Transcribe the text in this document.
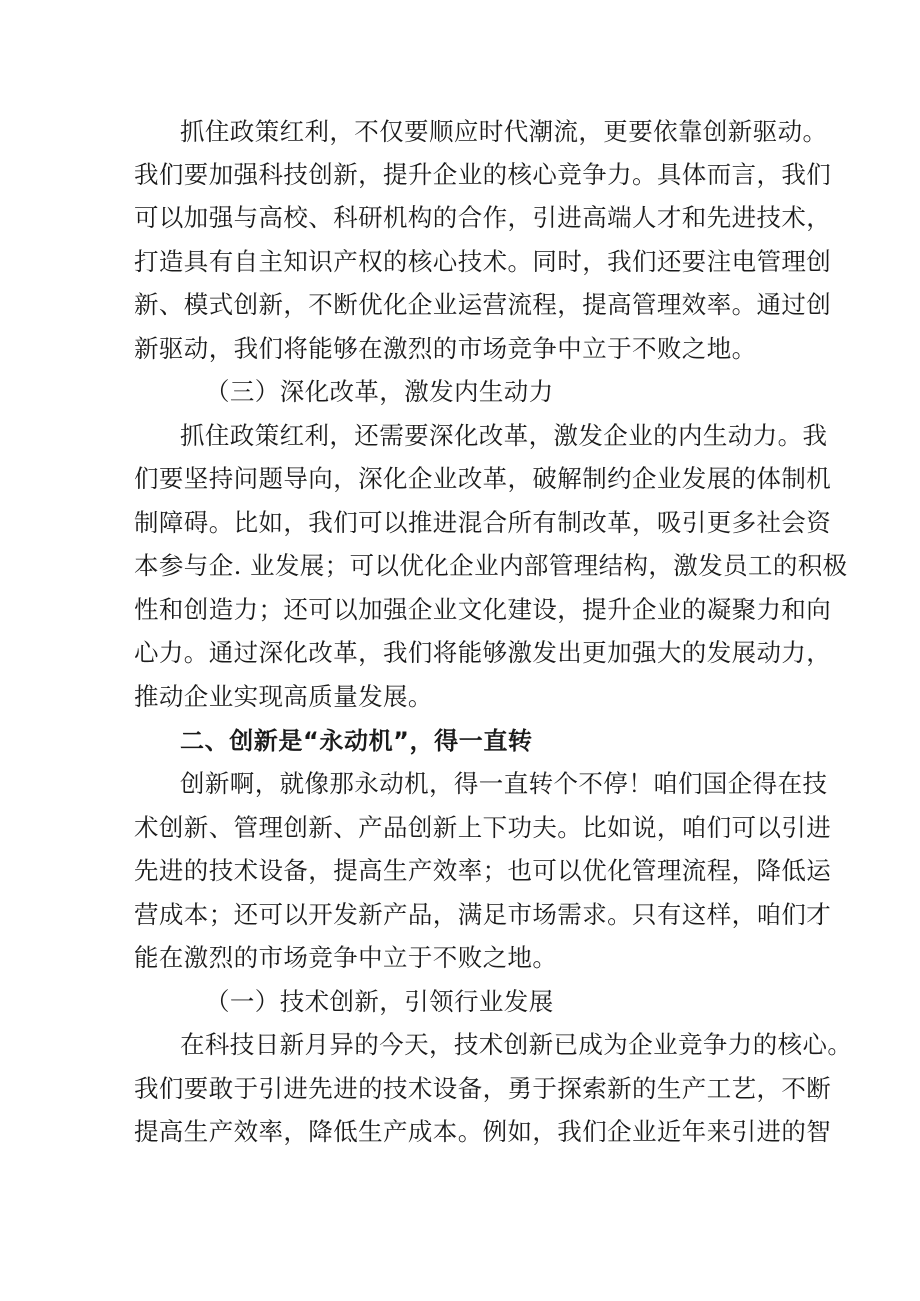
抓住政策红利，不仅要顺应时代潮流，更要依靠创新驱动。

我们要加强科技创新，提升企业的核心竞争力。具体而言，我们

可以加强与高校、科研机构的合作，引进高端人才和先进技术，

打造具有自主知识产权的核心技术。同时，我们还要注电管理创

新、模式创新，不断优化企业运营流程，提高管理效率。通过创

新驱动，我们将能够在激烈的市场竞争中立于不败之地。

（三）深化改革，激发内生动力

抓住政策红利，还需要深化改革，激发企业的内生动力。我

们要坚持问题导向，深化企业改革，破解制约企业发展的体制机

制障碍。比如，我们可以推进混合所有制改革，吸引更多社会资

本参与企. 业发展；可以优化企业内部管理结构，激发员工的积极

性和创造力；还可以加强企业文化建设，提升企业的凝聚力和向

心力。通过深化改革，我们将能够激发出更加强大的发展动力，

推动企业实现高质量发展。

二、创新是“永动机”，得一直转

创新啊，就像那永动机，得一直转个不停！咱们国企得在技

术创新、管理创新、产品创新上下功夫。比如说，咱们可以引进

先进的技术设备，提高生产效率；也可以优化管理流程，降低运

营成本；还可以开发新产品，满足市场需求。只有这样，咱们才

能在激烈的市场竞争中立于不败之地。

（一）技术创新，引领行业发展

在科技日新月异的今天，技术创新已成为企业竞争力的核心。

我们要敢于引进先进的技术设备，勇于探索新的生产工艺，不断

提高生产效率，降低生产成本。例如，我们企业近年来引进的智
